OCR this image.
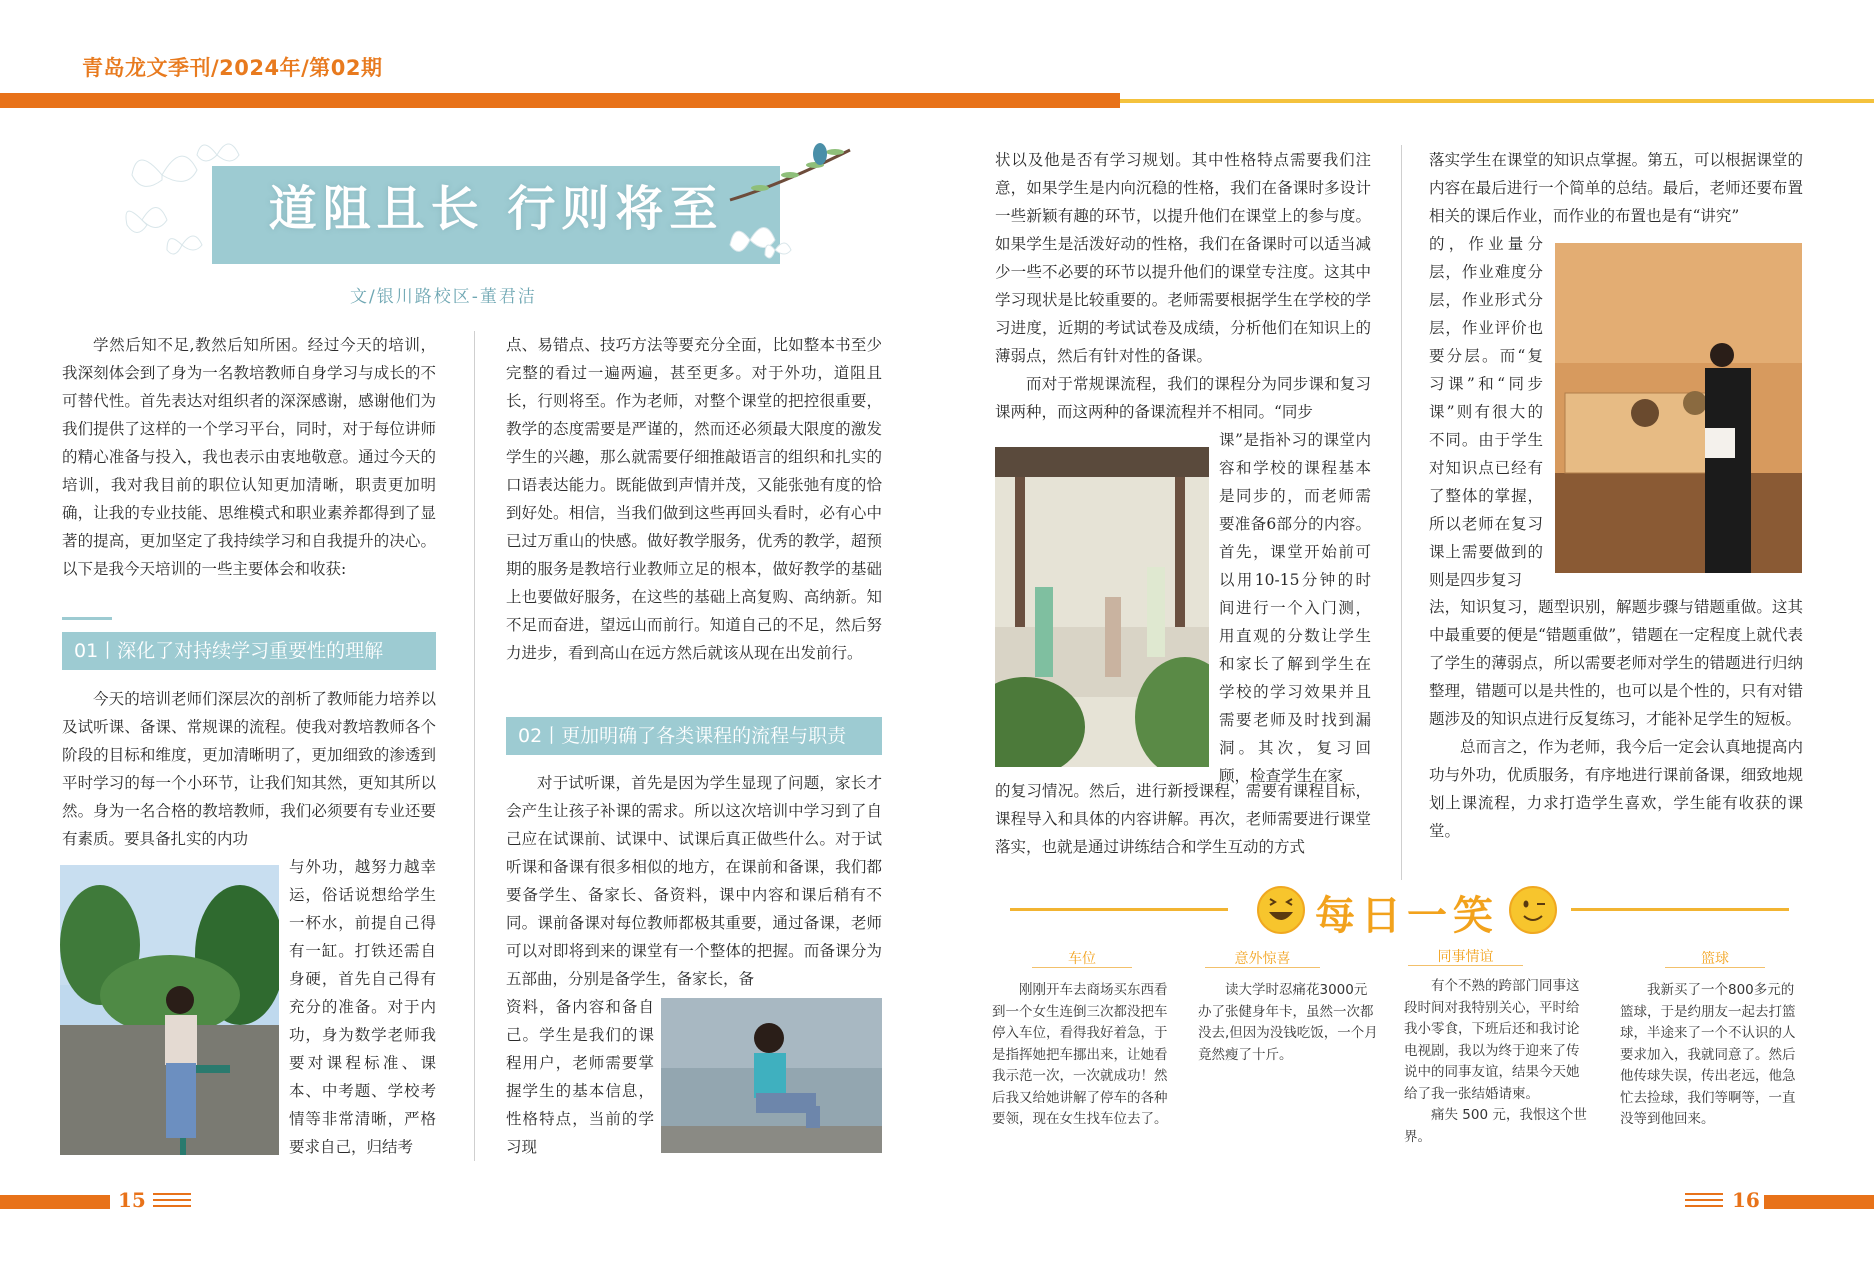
青岛龙文季刊/2024年/第02期
道阻且长 行则将至
文/银川路校区-董君洁

学然后知不足,教然后知所困。经过今天的培训，我深刻体会到了身为一名教培教师自身学习与成长的不可替代性。首先表达对组织者的深深感谢，感谢他们为我们提供了这样的一个学习平台，同时，对于每位讲师的精心准备与投入，我也表示由衷地敬意。通过今天的培训，我对我目前的职位认知更加清晰，职责更加明确，让我的专业技能、思维模式和职业素养都得到了显著的提高，更加坚定了我持续学习和自我提升的决心。以下是我今天培训的一些主要体会和收获:

01丨深化了对持续学习重要性的理解

今天的培训老师们深层次的剖析了教师能力培养以及试听课、备课、常规课的流程。使我对教培教师各个阶段的目标和维度，更加清晰明了，更加细致的渗透到平时学习的每一个小环节，让我们知其然，更知其所以然。身为一名合格的教培教师，我们必须要有专业还要有素质。要具备扎实的内功

与外功，越努力越幸运，俗话说想给学生一杯水，前提自己得有一缸。打铁还需自身硬，首先自己得有充分的准备。对于内功，身为数学老师我要对课程标准、课本、中考题、学校考情等非常清晰，严格要求自己，归结考

点、易错点、技巧方法等要充分全面，比如整本书至少完整的看过一遍两遍，甚至更多。对于外功，道阻且长，行则将至。作为老师，对整个课堂的把控很重要，教学的态度需要是严谨的，然而还必须最大限度的激发学生的兴趣，那么就需要仔细推敲语言的组织和扎实的口语表达能力。既能做到声情并茂，又能张弛有度的恰到好处。相信，当我们做到这些再回头看时，必有心中已过万重山的快感。做好教学服务，优秀的教学，超预期的服务是教培行业教师立足的根本，做好教学的基础上也要做好服务，在这些的基础上高复购、高纳新。知不足而奋进，望远山而前行。知道自己的不足，然后努力进步，看到高山在远方然后就该从现在出发前行。

02丨更加明确了各类课程的流程与职责

对于试听课，首先是因为学生显现了问题，家长才会产生让孩子补课的需求。所以这次培训中学习到了自己应在试课前、试课中、试课后真正做些什么。对于试听课和备课有很多相似的地方，在课前和备课，我们都要备学生、备家长、备资料，课中内容和课后稍有不同。课前备课对每位教师都极其重要，通过备课，老师可以对即将到来的课堂有一个整体的把握。而备课分为五部曲，分别是备学生，备家长，备

资料，备内容和备自己。学生是我们的课程用户，老师需要掌握学生的基本信息，性格特点，当前的学习现

状以及他是否有学习规划。其中性格特点需要我们注意，如果学生是内向沉稳的性格，我们在备课时多设计一些新颖有趣的环节，以提升他们在课堂上的参与度。如果学生是活泼好动的性格，我们在备课时可以适当减少一些不必要的环节以提升他们的课堂专注度。这其中学习现状是比较重要的。老师需要根据学生在学校的学习进度，近期的考试试卷及成绩，分析他们在知识上的薄弱点，然后有针对性的备课。

而对于常规课流程，我们的课程分为同步课和复习课两种，而这两种的备课流程并不相同。“同步

课”是指补习的课堂内容和学校的课程基本是同步的，而老师需要准备6部分的内容。首先，课堂开始前可以用10-15分钟的时间进行一个入门测，用直观的分数让学生和家长了解到学生在学校的学习效果并且需要老师及时找到漏洞。其次，复习回顾，检查学生在家

的复习情况。然后，进行新授课程，需要有课程目标，课程导入和具体的内容讲解。再次，老师需要进行课堂落实，也就是通过讲练结合和学生互动的方式

落实学生在课堂的知识点掌握。第五，可以根据课堂的内容在最后进行一个简单的总结。最后，老师还要布置相关的课后作业，而作业的布置也是有“讲究”

的，作业量分层，作业难度分层，作业形式分层，作业评价也要分层。而“复习课”和“同步课”则有很大的不同。由于学生对知识点已经有了整体的掌握，所以老师在复习课上需要做到的则是四步复习

法，知识复习，题型识别，解题步骤与错题重做。这其中最重要的便是“错题重做”，错题在一定程度上就代表了学生的薄弱点，所以需要老师对学生的错题进行归纳整理，错题可以是共性的，也可以是个性的，只有对错题涉及的知识点进行反复练习，才能补足学生的短板。

总而言之，作为老师，我今后一定会认真地提高内功与外功，优质服务，有序地进行课前备课，细致地规划上课流程，力求打造学生喜欢，学生能有收获的课堂。

每日一笑
车位

刚刚开车去商场买东西看到一个女生连倒三次都没把车停入车位，看得我好着急，于是指挥她把车挪出来，让她看我示范一次，一次就成功！然后我又给她讲解了停车的各种要领，现在女生找车位去了。

意外惊喜

读大学时忍痛花3000元办了张健身年卡，虽然一次都没去,但因为没钱吃饭，一个月竟然瘦了十斤。

同事情谊

有个不熟的跨部门同事这段时间对我特别关心，平时给我小零食，下班后还和我讨论电视剧，我以为终于迎来了传说中的同事友谊，结果今天她给了我一张结婚请柬。

痛失 500 元，我恨这个世界。

篮球

我新买了一个800多元的篮球，于是约朋友一起去打篮球，半途来了一个不认识的人要求加入，我就同意了。然后他传球失误，传出老远，他急忙去捡球，我们等啊等，一直没等到他回来。

15	16
